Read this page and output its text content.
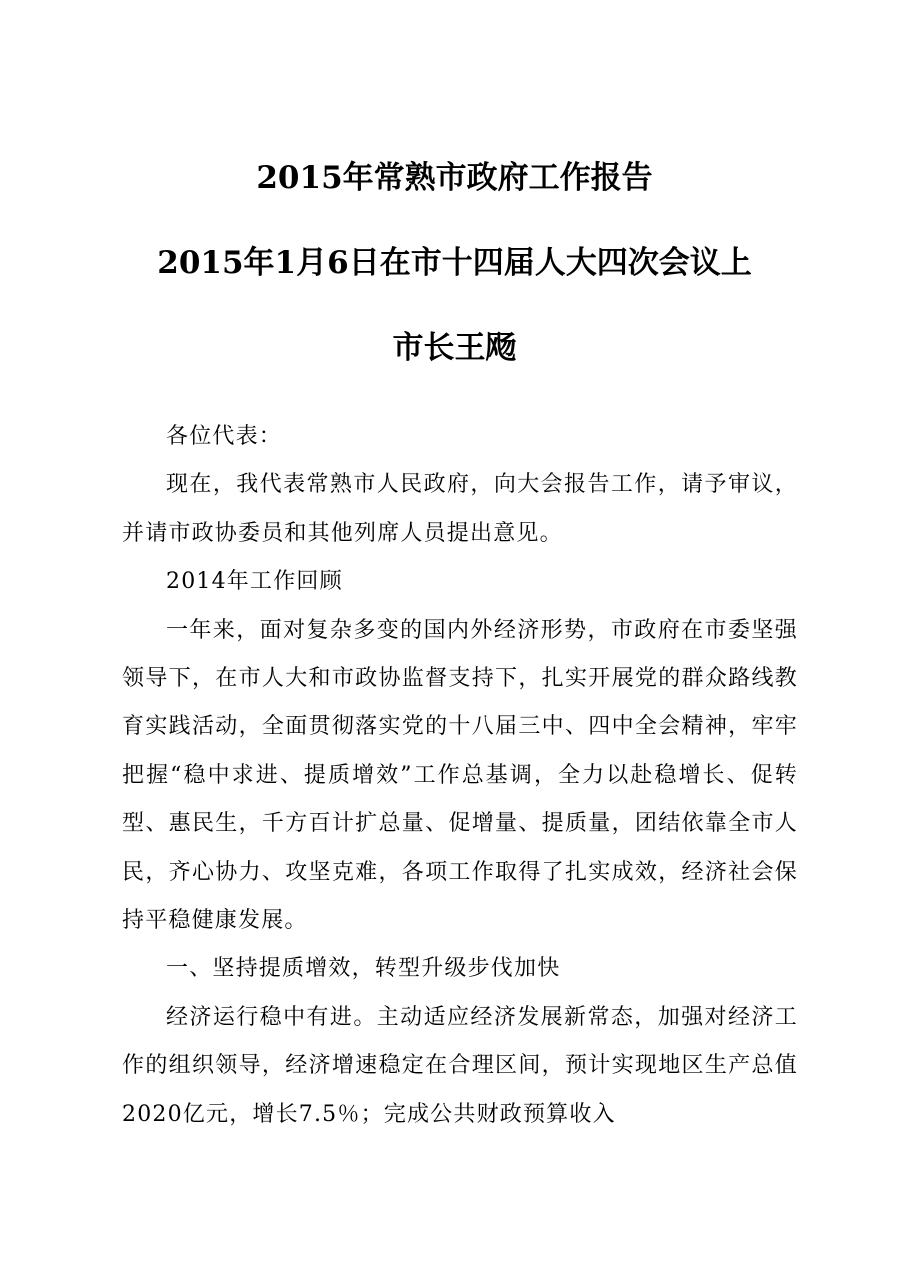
2015年常熟市政府工作报告
2015年1月6日在市十四届人大四次会议上
市长王飏

各位代表：

现在，我代表常熟市人民政府，向大会报告工作，请予审议，并请市政协委员和其他列席人员提出意见。

2014年工作回顾

一年来，面对复杂多变的国内外经济形势，市政府在市委坚强领导下，在市人大和市政协监督支持下，扎实开展党的群众路线教育实践活动，全面贯彻落实党的十八届三中、四中全会精神，牢牢把握“稳中求进、提质增效”工作总基调，全力以赴稳增长、促转型、惠民生，千方百计扩总量、促增量、提质量，团结依靠全市人民，齐心协力、攻坚克难，各项工作取得了扎实成效，经济社会保持平稳健康发展。

一、坚持提质增效，转型升级步伐加快

经济运行稳中有进。主动适应经济发展新常态，加强对经济工作的组织领导，经济增速稳定在合理区间，预计实现地区生产总值2020亿元，增长7.5％；完成公共财政预算收入
